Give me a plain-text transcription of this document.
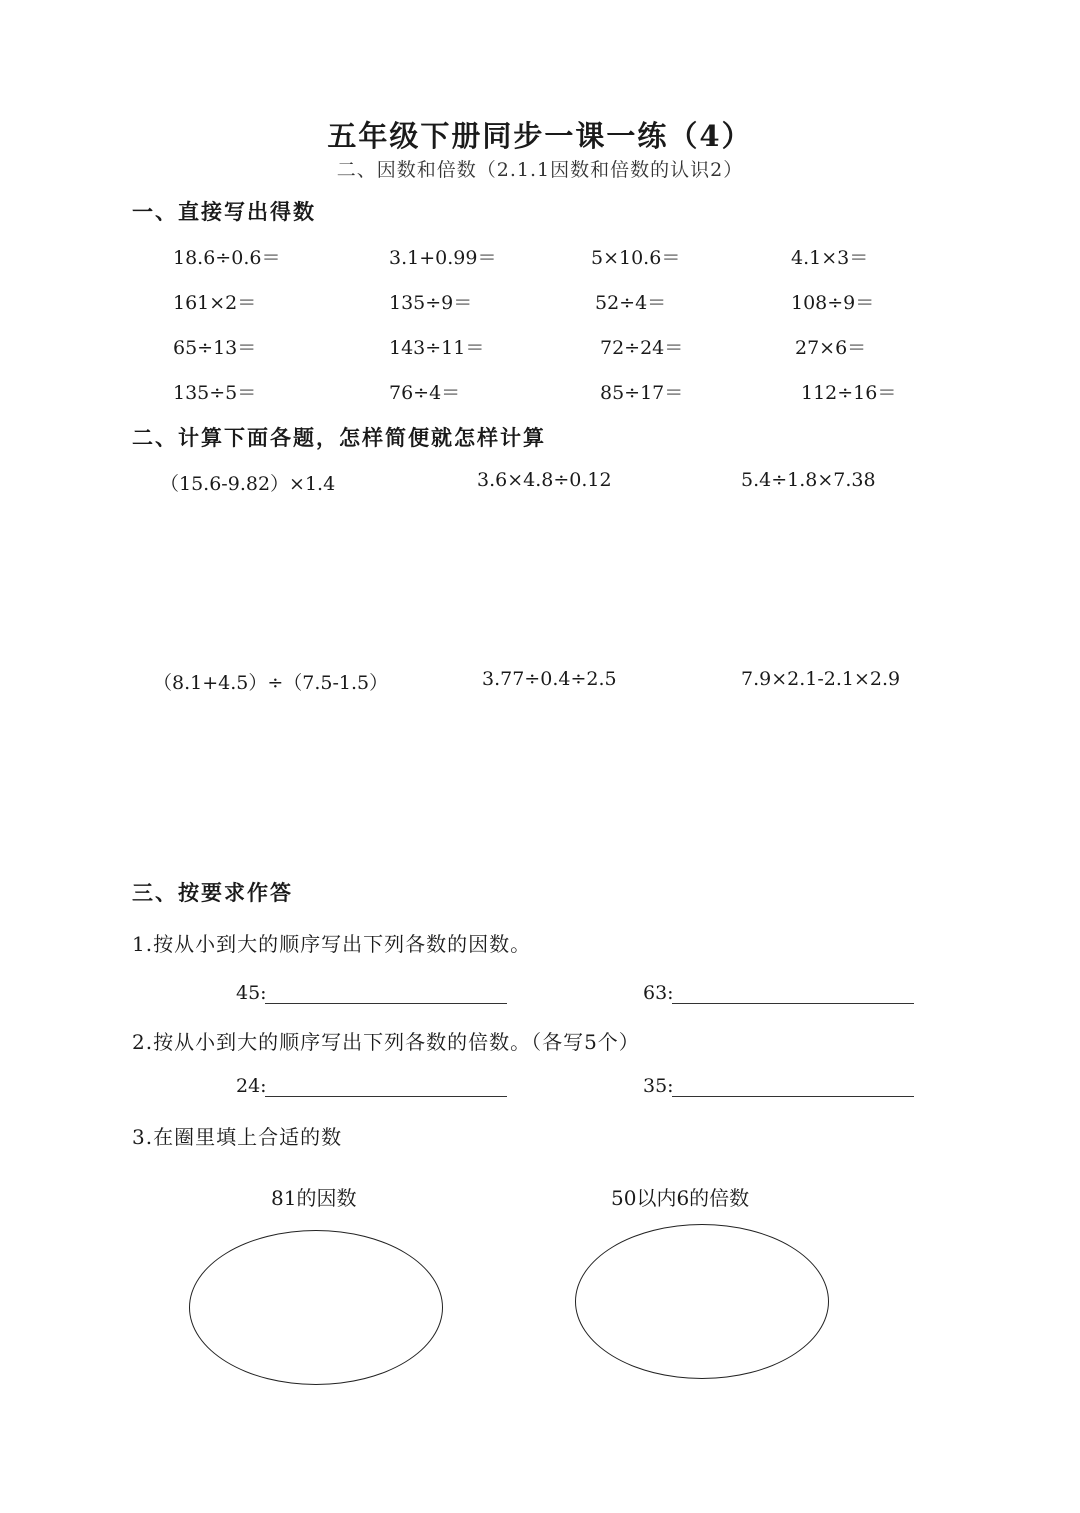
五年级下册同步一课一练（4）
二、因数和倍数（2.1.1因数和倍数的认识2）
一、直接写出得数
18.6÷0.6＝	3.1+0.99＝	5×10.6＝	4.1×3＝
161×2＝	135÷9＝	52÷4＝	108÷9＝
65÷13＝	143÷11＝	72÷24＝	27×6＝
135÷5＝	76÷4＝	85÷17＝	112÷16＝
二、计算下面各题，怎样简便就怎样计算
（15.6-9.82）×1.4	3.6×4.8÷0.12	5.4÷1.8×7.38
（8.1+4.5）÷（7.5-1.5）	3.77÷0.4÷2.5	7.9×2.1-2.1×2.9
三、按要求作答
1.按从小到大的顺序写出下列各数的因数。
45:	63:
2.按从小到大的顺序写出下列各数的倍数。（各写5个）
24:	35:
3.在圈里填上合适的数
81的因数	50以内6的倍数
